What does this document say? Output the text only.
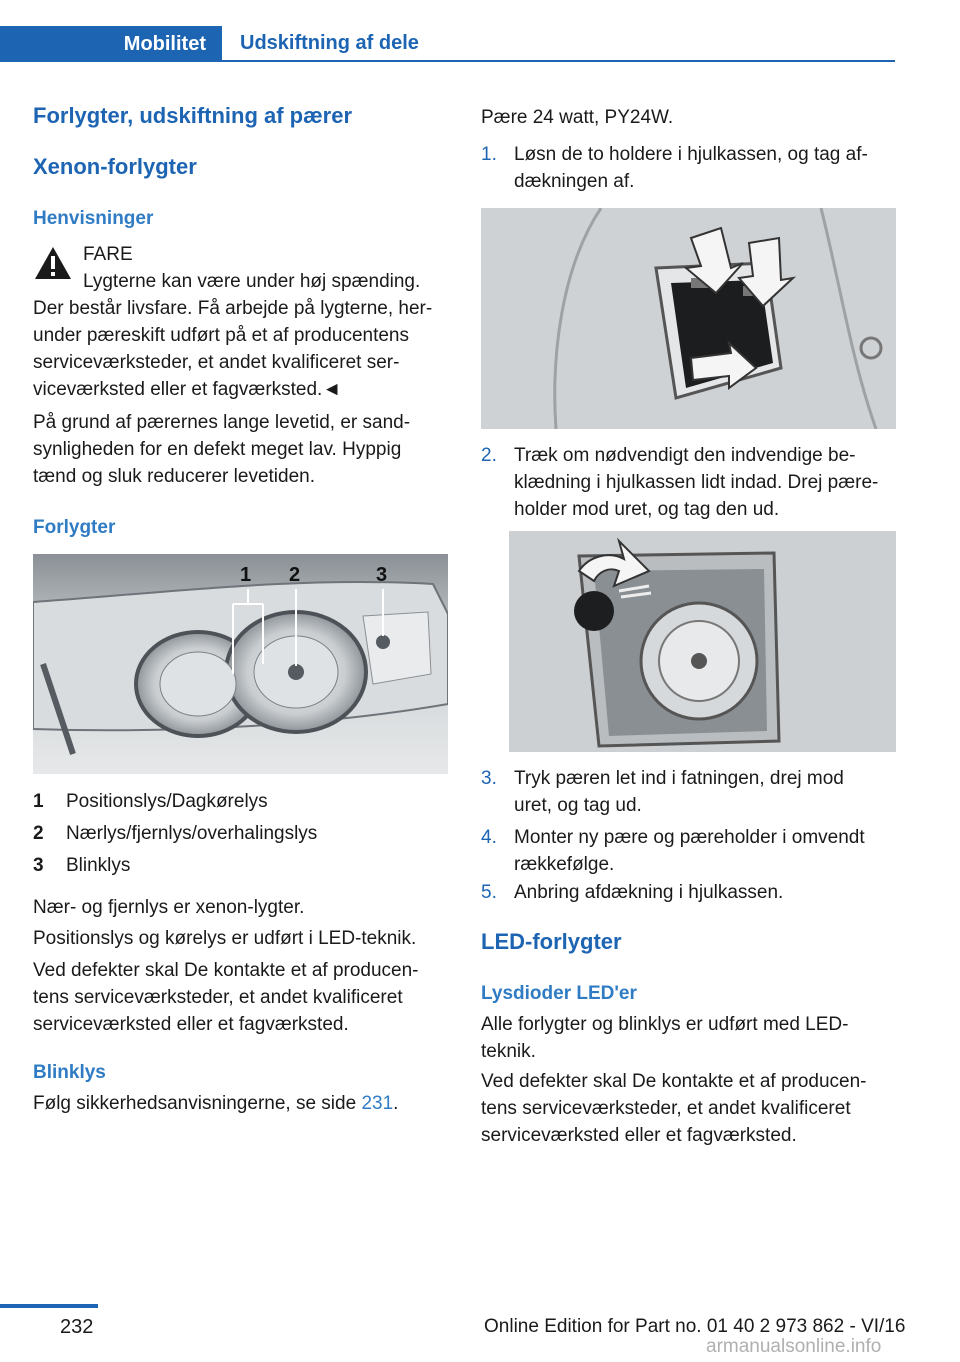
Mobilitet	Udskiftning af dele
Forlygter, udskiftning af pærer
Xenon-forlygter
Henvisninger
FARE
Lygterne kan være under høj spænding.
Der består livsfare. Få arbejde på lygterne, her-
under pæreskift udført på et af producentens
serviceværksteder, et andet kvalificeret ser-
viceværksted eller et fagværksted.◄
På grund af pærernes lange levetid, er sand-
synligheden for en defekt meget lav. Hyppig
tænd og sluk reducerer levetiden.
Forlygter
1 2	3
1 Positionslys/Dagkørelys
2 Nærlys/fjernlys/overhalingslys
3 Blinklys
Nær- og fjernlys er xenon-lygter.
Positionslys og kørelys er udført i LED-teknik.
Ved defekter skal De kontakte et af producen-
tens serviceværksteder, et andet kvalificeret
serviceværksted eller et fagværksted.
Blinklys
Følg sikkerhedsanvisningerne, se side 231.
Pære 24 watt, PY24W.
1. Løsn de to holdere i hjulkassen, og tag af-
dækningen af.
2. Træk om nødvendigt den indvendige be-
klædning i hjulkassen lidt indad. Drej pære-
holder mod uret, og tag den ud.
3. Tryk pæren let ind i fatningen, drej mod
uret, og tag ud.
4. Monter ny pære og pæreholder i omvendt
rækkefølge.
5. Anbring afdækning i hjulkassen.
LED-forlygter
Lysdioder LED'er
Alle forlygter og blinklys er udført med LED-
teknik.
Ved defekter skal De kontakte et af producen-
tens serviceværksteder, et andet kvalificeret
serviceværksted eller et fagværksted.
232	Online Edition for Part no. 01 40 2 973 862 - VI/16
armanualsonline.info
